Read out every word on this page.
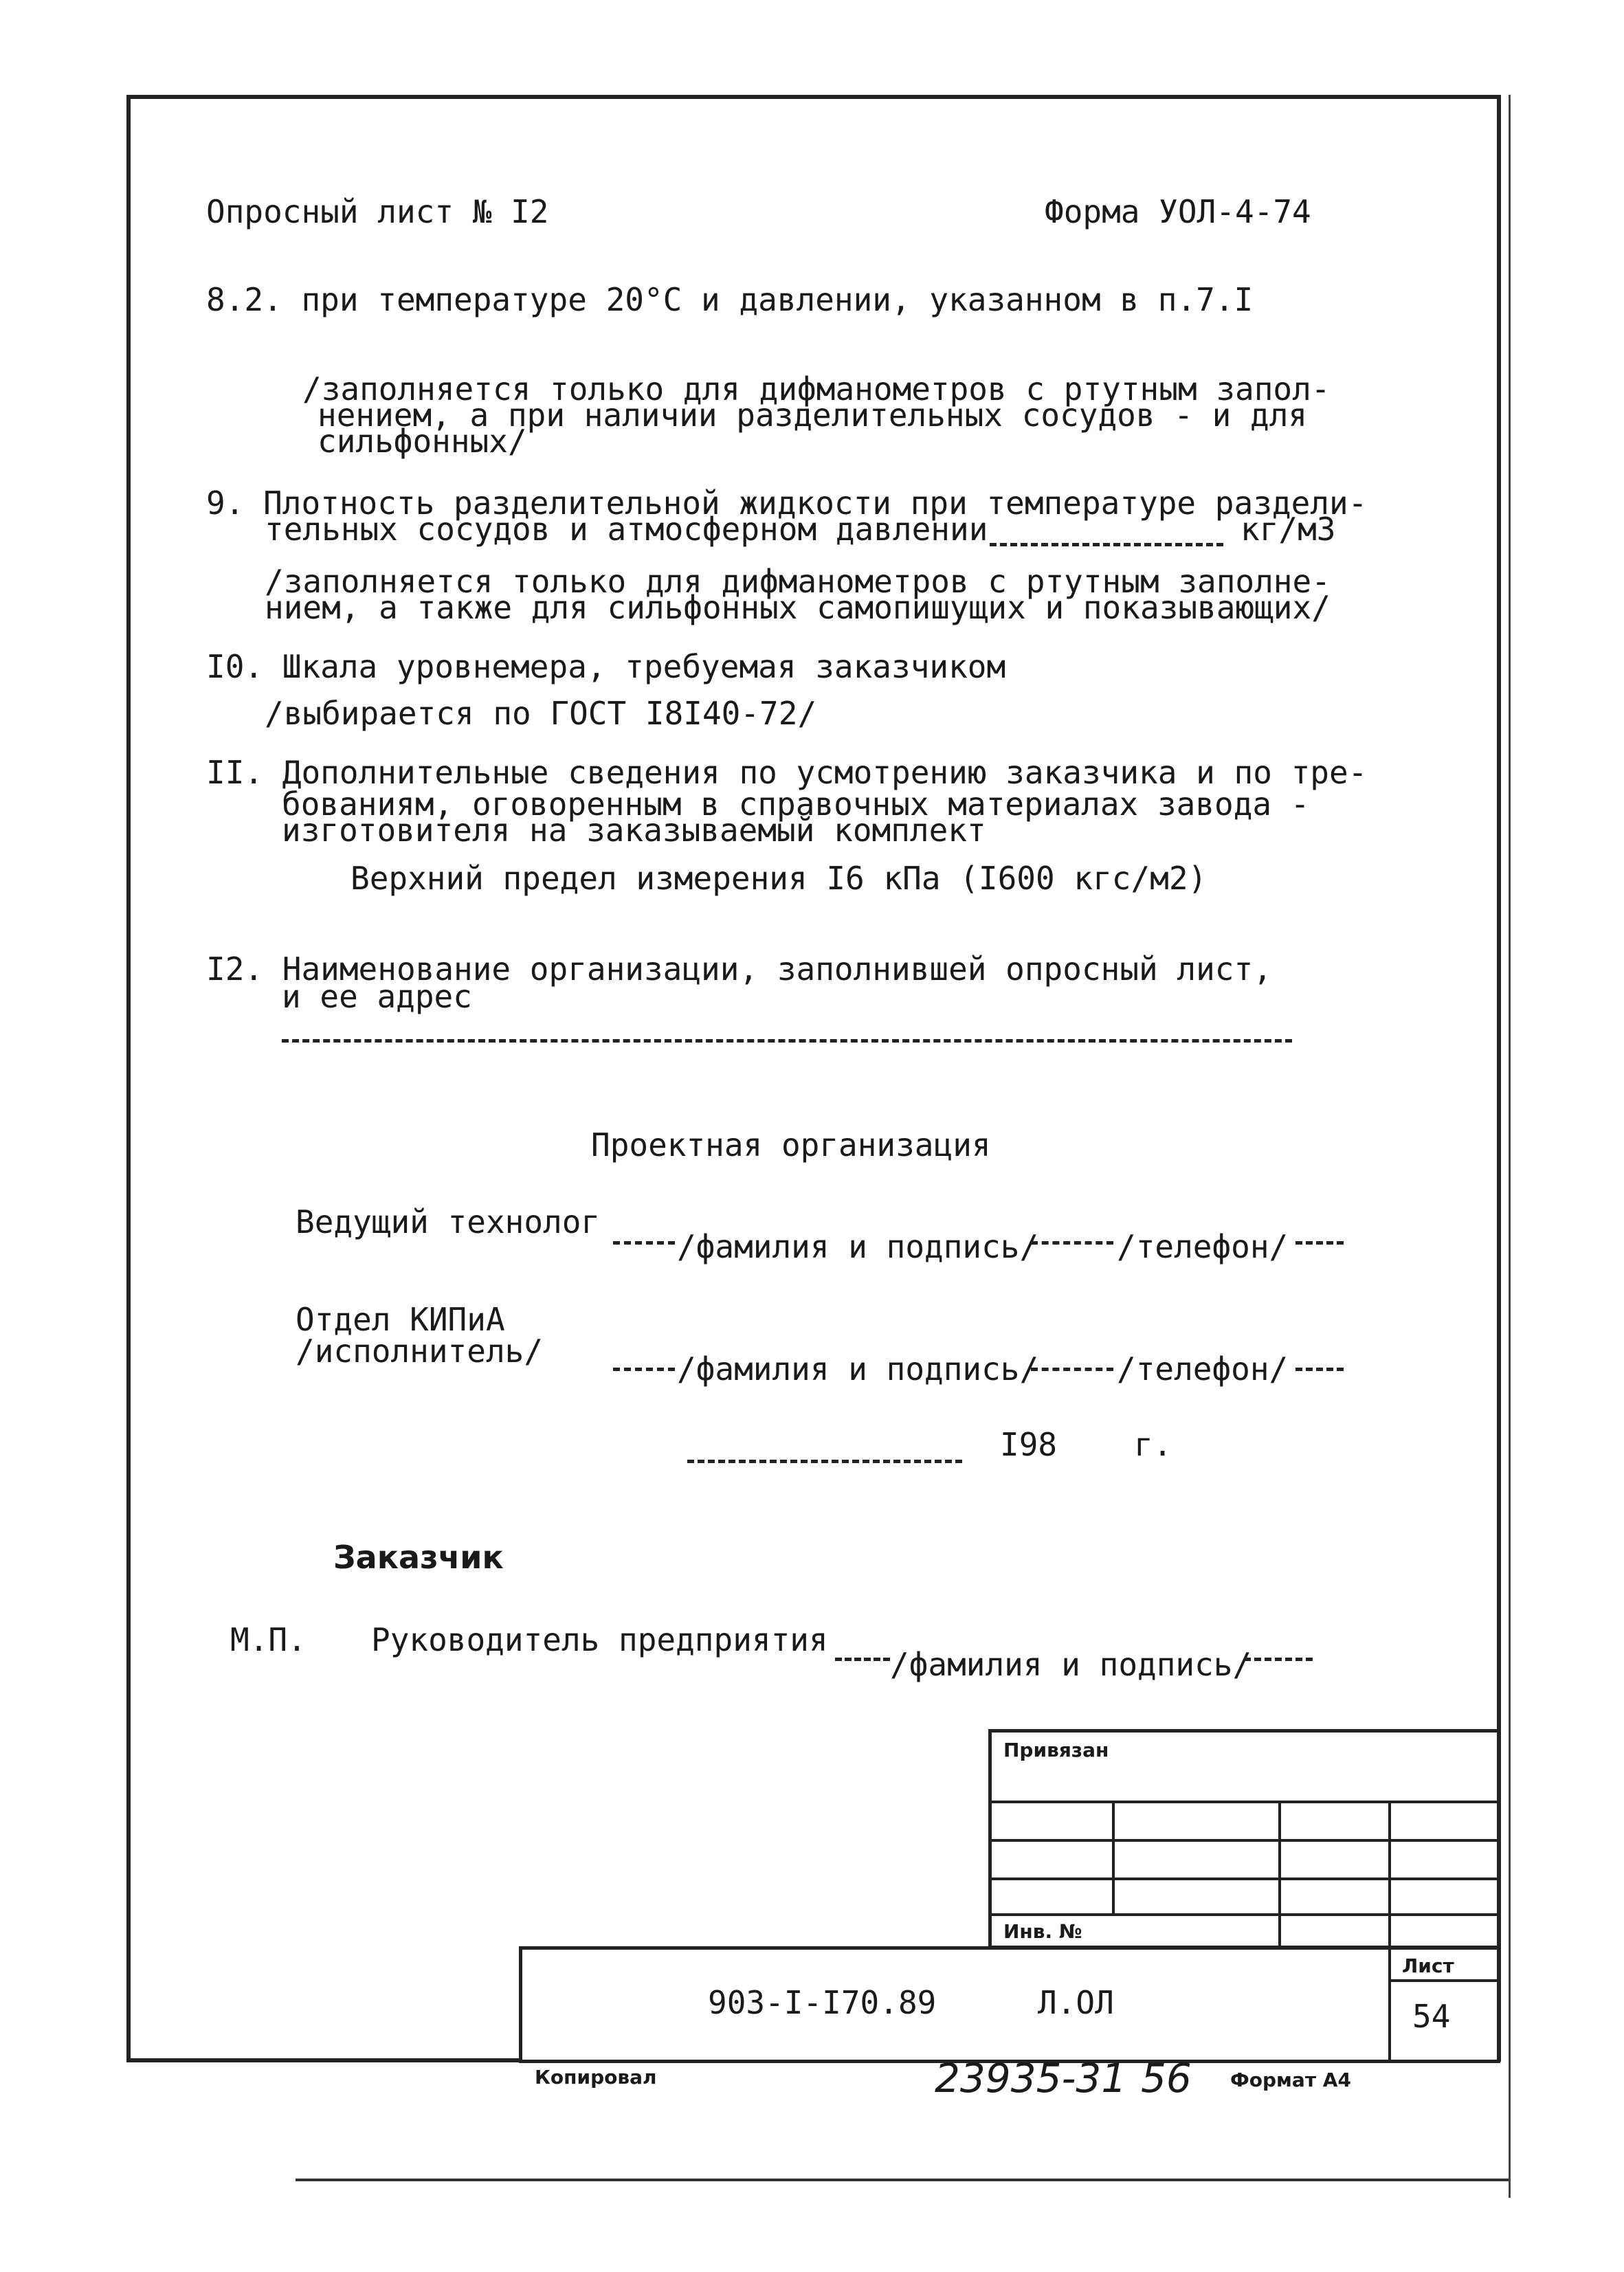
Опросный лист № I2	Форма УОЛ-4-74
8.2. при температуре 20°С и давлении, указанном в п.7.I
/заполняется только для дифманометров с ртутным запол-
нением, а при наличии разделительных сосудов - и для
сильфонных/
9. Плотность разделительной жидкости при температуре раздели-
тельных сосудов и атмосферном давлении	кг/м3
/заполняется только для дифманометров с ртутным заполне-
нием, а также для сильфонных самопишущих и показывающих/
I0. Шкала уровнемера, требуемая заказчиком
/выбирается по ГОСТ I8I40-72/
II. Дополнительные сведения по усмотрению заказчика и по тре-
бованиям, оговоренным в справочных материалах завода -
изготовителя на заказываемый комплект
Верхний предел измерения I6 кПа (I600 кгс/м2)
I2. Наименование организации, заполнившей опросный лист,
и ее адрес
Проектная организация
Ведущий технолог
/фамилия и подпись/ /телефон/
Отдел КИПиА
/исполнитель/	/фамилия и подпись/ /телефон/
I98 г.
Заказчик
М.П. Руководитель предприятия
/фамилия и подпись/
Привязан
Инв. №
903-I-I70.89	Л.ОЛ
Лист
54
Копировал	23935-31 56 Формат А4
